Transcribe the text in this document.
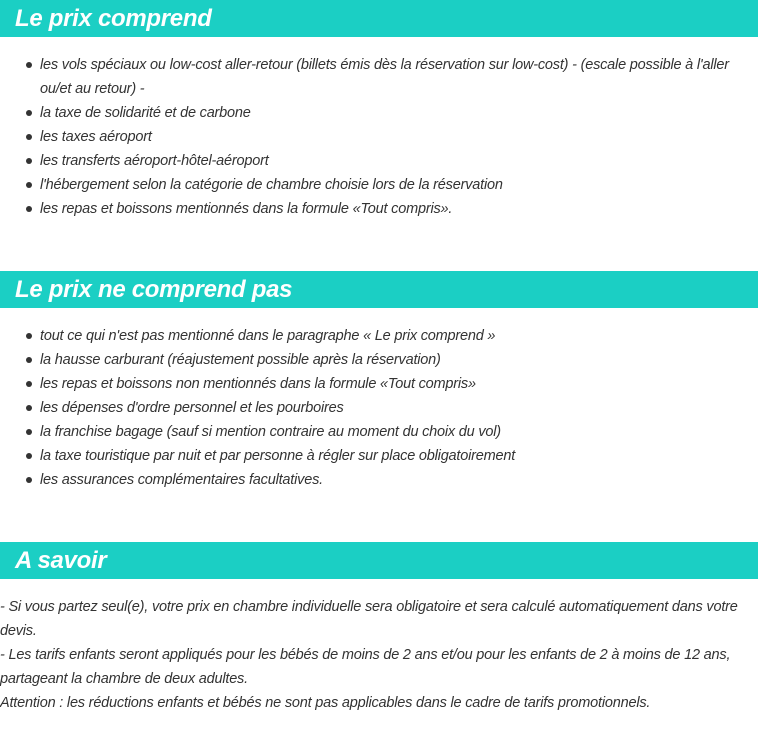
Le prix comprend
les vols spéciaux ou low-cost aller-retour (billets émis dès la réservation sur low-cost) - (escale possible à l'aller ou/et au retour) -
la taxe de solidarité et de carbone
les taxes aéroport
les transferts aéroport-hôtel-aéroport
l'hébergement selon la catégorie de chambre choisie lors de la réservation
les repas et boissons mentionnés dans la formule «Tout compris».
Le prix ne comprend pas
tout ce qui n'est pas mentionné dans le paragraphe « Le prix comprend »
la hausse carburant (réajustement possible après la réservation)
les repas et boissons non mentionnés dans la formule «Tout compris»
les dépenses d'ordre personnel et les pourboires
la franchise bagage (sauf si mention contraire au moment du choix du vol)
la taxe touristique par nuit et par personne à régler sur place obligatoirement
les assurances complémentaires facultatives.
A savoir

- Si vous partez seul(e), votre prix en chambre individuelle sera obligatoire et sera calculé automatiquement dans votre devis.

- Les tarifs enfants seront appliqués pour les bébés de moins de 2 ans et/ou pour les enfants de 2 à moins de 12 ans, partageant la chambre de deux adultes.

Attention : les réductions enfants et bébés ne sont pas applicables dans le cadre de tarifs promotionnels.
